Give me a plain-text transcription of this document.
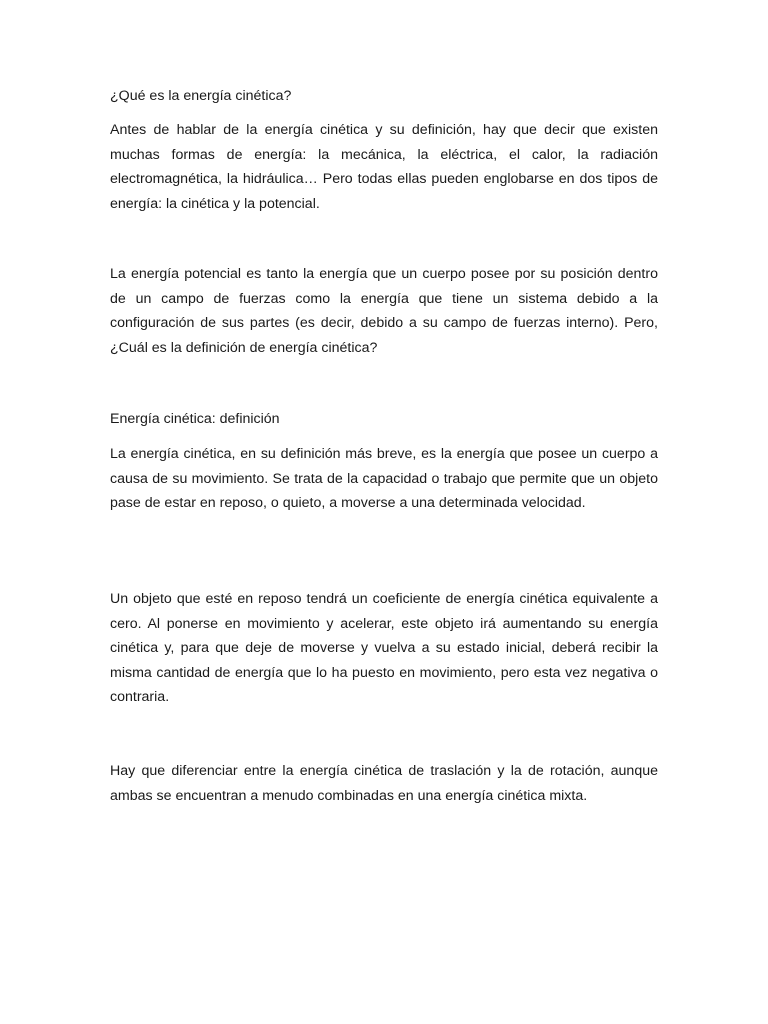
¿Qué es la energía cinética?

Antes de hablar de la energía cinética y su definición, hay que decir que existen muchas formas de energía: la mecánica, la eléctrica, el calor, la radiación electromagnética, la hidráulica… Pero todas ellas pueden englobarse en dos tipos de energía: la cinética y la potencial.

La energía potencial es tanto la energía que un cuerpo posee por su posición dentro de un campo de fuerzas como la energía que tiene un sistema debido a la configuración de sus partes (es decir, debido a su campo de fuerzas interno). Pero, ¿Cuál es la definición de energía cinética?

Energía cinética: definición

La energía cinética, en su definición más breve, es la energía que posee un cuerpo a causa de su movimiento. Se trata de la capacidad o trabajo que permite que un objeto pase de estar en reposo, o quieto, a moverse a una determinada velocidad.

Un objeto que esté en reposo tendrá un coeficiente de energía cinética equivalente a cero. Al ponerse en movimiento y acelerar, este objeto irá aumentando su energía cinética y, para que deje de moverse y vuelva a su estado inicial, deberá recibir la misma cantidad de energía que lo ha puesto en movimiento, pero esta vez negativa o contraria.

Hay que diferenciar entre la energía cinética de traslación y la de rotación, aunque ambas se encuentran a menudo combinadas en una energía cinética mixta.
